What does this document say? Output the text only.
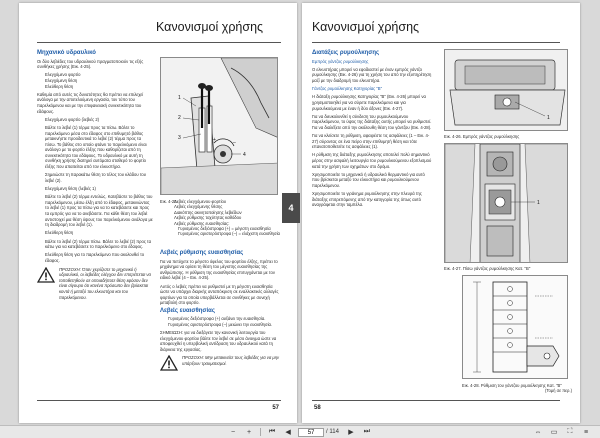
Κανονισμοί χρήσης
Μηχανικό υδραυλικό

Οι δύο λεβιέδες του υδραυλικού πραγματοποιούν τις εξής συνθήκες χρήσης (Εικ. 4-25).

Ελεγχόμενο φορτίο
Ελεγχόμενη θέση
Ελεύθερη θέση

Καθεμία από αυτές τις δυνατότητες θα πρέπει να επιλεχεί ανάλογα με την αποτελούμενη εργασία, τον τύπο του παρελκόμενου και με την επιφανειακή συνεκτικότητα του εδάφους.

Ελεγχόμενο φορτίο (λεβιές 2)

Βάλτε το λεβιέ (1) τέρμα προς τα πίσω. Βάλτε το παρελκόμενο μέσα στο έδαφος στο επιθυμητό βάθος μετακινήστε προοδευτικά το λεβιέ (2) τέρμα προς τα πίσω. Το βάθος στο οποίο φτάνει το παρελκόμενο είναι ανάλογο με το φορτίο έλξης που καθορίζεται από τη συνεκτικότητα του εδάφους. Το υδραυλικό με αυτή τη συνθήκη χρήσης διατηρεί αυτόματα σταθερό το φορτίο έλξης που απαιτείται από τον ελκυστήρα.

Σημειώστε τη παρακάτω θέση το τέλος του κλάδου του λεβιέ (2).

Ελεγχόμενη θέση (λεβιές 1)

Βάλτε το λεβιέ (2) τέρμα εντελώς. Κατεβάστε το βάθος του παρελκόμενου, μέσω έλξη από το έδαφος, μετακινώντας το λεβιέ (1) προς τα πίσω για να το κατεβάσετε και προς τα εμπρός για να το ανεβάσετε. Για κάθε θέση του λεβιέ αντιστοιχεί μια θέση ύψους του παρελκόμενου ανάλογα με τη διαδρομή του λεβιέ (1).

Ελεύθερη θέση

Βάλτε το λεβιέ (2) τέρμα πίσω. Βάλτε το λεβιέ (2) προς τα κάτω για να κατεβάσετε το παρελκόμενο στο έδαφος.

Ελεύθερη θέση για το παρελκόμενο που ακολουθεί το έδαφος.

ΠΡΟΣΟΧΗ: Όταν χειρίζεστε το μηχανικό ή υδραυλικό, οι λεβιέδες ελέγχου δεν επιτρέπεται να τοποθετηθούν σε οποιαδήποτε θέση εφόσον δεν είναι σίγουρο ότι κανένα πρόσωπο δεν βρίσκεται κοντά ή μεταξύ του ελκυστήρα και του παρελκόμενου.
+	–
1
2
3
4
Εικ. 4-25.
Λεβιές ελεγχόμενου φορτίου
Λεβιές ελεγχόμενης θέσης
Διακόπτης ακινητοποίησης λεβιέδων
Λεβιές ρύθμισης ταχύτητας καθόδου
Λεβιές ρύθμισης ευαισθησίας:
Γυρισμένος δεξιόστροφα (+) = μέγιστη ευαισθησία
Γυρισμένος αριστερόστροφα (–) = ελάχιστη ευαισθησία
Λεβιές ρύθμισης ευαισθησίας

Για να πετύχετε το μέγιστο όφελος του φορτίου έλξης, πρέπει το μηχάνημα να ορίσει τη θέση του μέγιστης ευαισθησίας της ανθρώπισης. Η ρύθμιση της ευαισθησίας επιτυγχάνεται με τον ειδικό λεβιέ (4 – Εικ. 4-25).

Αυτός ο λεβιές πρέπει να ρυθμιστεί με τη μέγιστη ευαισθησία ώστε να υπάρχει διαρκής ανταπόκριση σε εναλλακτικές αλλαγές φορτίων για τα οποία υπερβάλλεται σε συνθήκες με συνεχή μεταβολή στο φορτίο.

Λεβιές ευαισθησίας

Γυρισμένος δεξιόστροφα (+) αυξάνει την ευαισθησία.
Γυρισμένος αριστερόστροφα (–) μειώνει την ευαισθησία.

ΣΗΜΕΙΩΣΗ: για να διεξάγετε την κανονική λειτουργία του ελεγχόμενου φορτίου βάλτε τον λεβιέ σε μέσο άνοιγμα ώστε να αποφευχθεί η υπερβολική αντίδραση του υδραυλικού κατά τη διάρκεια της εργασίας.

ΠΡΟΣΟΧΗ: Μην μετακινείτε τους λεβιέδες για να μην υπάρξουν τραυματισμοί.
57
4
Κανονισμοί χρήσης
Διατάξεις ρυμούλκησης

Εμπρός γάντζος ρυμούλκησης

Ο ελκυστήρας μπορεί να εφοδιαστεί με έναν εμπρός γάντζο ρυμούλκησης (Εικ. 4-26) για τη χρήση του από την εξυπηρέτηση μαζί με την διαδρομή του ελκυστήρα.

Γάντζος ρυμούλκησης Κατηγορίας "Β"

Η διάταξη ρυμούλκησης Κατηγορίας "Β" (Εικ. 4-26) μπορεί να χρησιμοποιηθεί για να σύρετε παρελκόμενα και για ρυμουλκούμενα με έναν ή δύο άξονες (Εικ. 4-27).

Για να διευκολυνθεί η σύνδεση του ρυμουλκούμενου παρελκόμενου, το ύψος της διάταξης αυτής μπορεί να ρυθμιστεί. Για να διαλέξετε από την ακόλουθη θέση του γάντζου (Εικ. 4-28).

Για να κλείσετε τη ρύθμιση, αφαιρέστε τις ασφάλειες (1 – Εικ. 4-27) σύροντας σε ένα πείρο στην επιθυμητή θέση και τότε επανατοποθετείτε τις ασφάλειες (1).

Η ρύθμιση της διάταξης ρυμούλκησης αποτελεί πολύ σημαντικό μέρος στην ασφαλή λειτουργία του ρυμουλκούμενου εξοπλισμού κατά την χρήση των οχημάτων στο δρόμο.

Χρησιμοποιείτε το μηχανικό ή υδραυλικό θερμαντικό για αυτό που βρίσκεται μεταξύ του ελκυστήρα και ρυμουλκούμενου παρελκόμενου.

Χρησιμοποιείτε το γιράνημα ρυμούλκησης στην πλευρά της διάταξης επιτρεπόμενης από την κατηγορία της όπως αυτό αναγράφεται στην ταμπέλα.

1
Εικ. 4-26. Εμπρός γάντζος ρυμούλκησης
1
Εικ. 4-27. Πίσω γάντζος ρυμούλκησης Κατ. "Β"
Εικ. 4-28. Ρύθμιση του γάντζου ρυμούλκησης Κατ. "Β"
(Τομή σε περ.)
58
−	+	⏮	◀	57	/ 114	▶	⏭	⇔ ▭	⛶	≡
